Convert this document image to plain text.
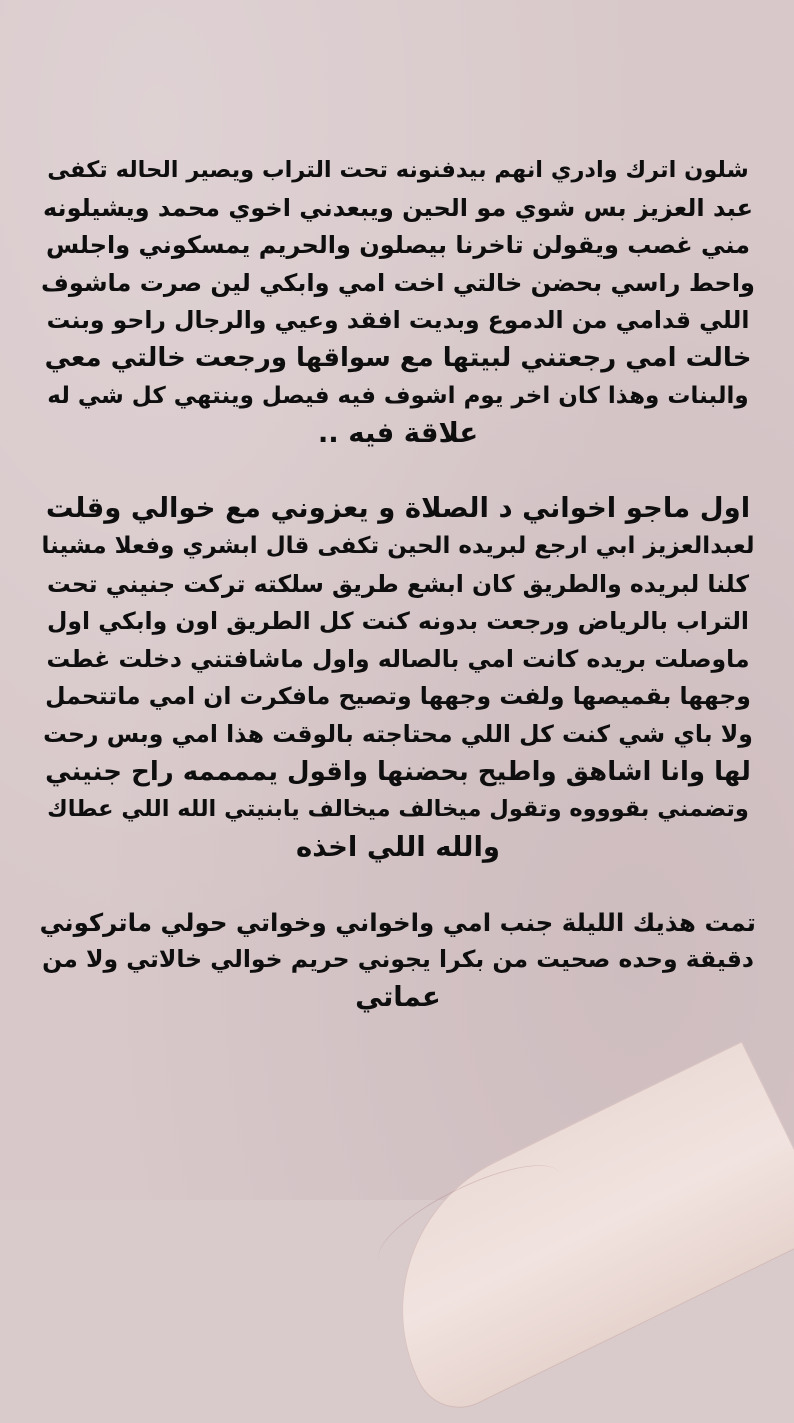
شلون اترك وادري انهم بيدفنونه تحت التراب ويصير الحاله تكفى
عبد العزيز بس شوي مو الحين ويبعدني اخوي محمد ويشيلونه
مني غصب ويقولن تاخرنا بيصلون والحريم يمسكوني واجلس
واحط راسي بحضن خالتي اخت امي وابكي لين صرت ماشوف
اللي قدامي من الدموع وبديت افقد وعيي والرجال راحو وبنت
خالت امي رجعتني لبيتها مع سواقها ورجعت خالتي معي
والبنات وهذا كان اخر يوم اشوف فيه فيصل وينتهي كل شي له
علاقة فيه ..

اول ماجو اخواني د الصلاة و يعزوني مع خوالي وقلت
لعبدالعزيز ابي ارجع لبريده الحين تكفى قال ابشري وفعلا مشينا
كلنا لبريده والطريق كان ابشع طريق سلكته تركت جنيني تحت
التراب بالرياض ورجعت بدونه كنت كل الطريق اون وابكي اول
ماوصلت بريده كانت امي بالصاله واول ماشافتني دخلت غطت
وجهها بقميصها ولفت وجهها وتصيح مافكرت ان امي ماتتحمل
ولا باي شي كنت كل اللي محتاجته بالوقت هذا امي وبس رحت
لها وانا اشاهق واطيح بحضنها واقول يممممه راح جنيني
وتضمني بقوووه وتقول ميخالف ميخالف يابنيتي الله اللي عطاك
والله اللي اخذه

تمت هذيك الليلة جنب امي واخواني وخواتي حولي ماتركوني
دقيقة وحده صحيت من بكرا يجوني حريم خوالي خالاتي ولا من
عماتي
